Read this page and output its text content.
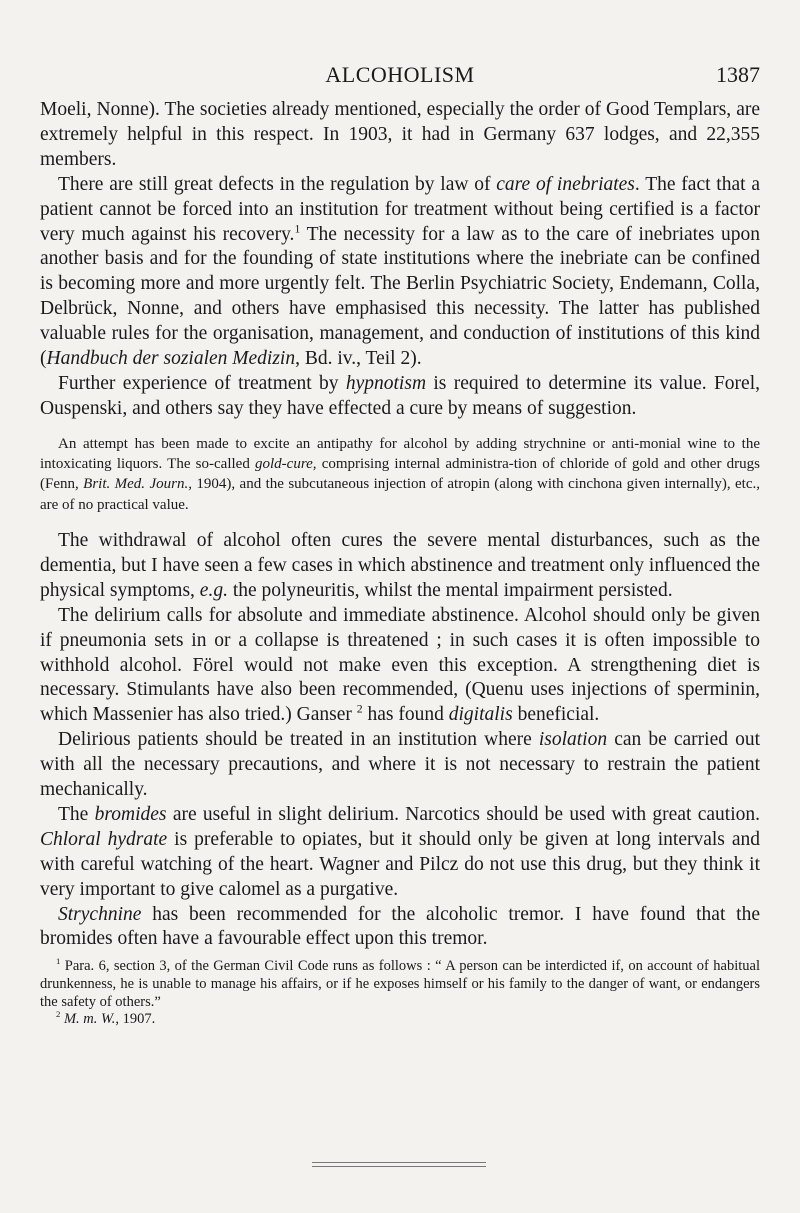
ALCOHOLISM	1387

Moeli, Nonne). The societies already mentioned, especially the order of Good Templars, are extremely helpful in this respect. In 1903, it had in Germany 637 lodges, and 22,355 members.

There are still great defects in the regulation by law of care of inebriates. The fact that a patient cannot be forced into an institution for treatment without being certified is a factor very much against his recovery.$^1$ The necessity for a law as to the care of inebriates upon another basis and for the founding of state institutions where the inebriate can be confined is becoming more and more urgently felt. The Berlin Psychiatric Society, Endemann, Colla, Delbrück, Nonne, and others have emphasised this necessity. The latter has published valuable rules for the organisation, management, and conduction of institutions of this kind (Handbuch der sozialen Medizin, Bd. iv., Teil 2).

Further experience of treatment by hypnotism is required to determine its value. Forel, Ouspenski, and others say they have effected a cure by means of suggestion.

An attempt has been made to excite an antipathy for alcohol by adding strychnine or anti-monial wine to the intoxicating liquors. The so-called gold-cure, comprising internal administra-tion of chloride of gold and other drugs (Fenn, Brit. Med. Journ., 1904), and the subcutaneous injection of atropin (along with cinchona given internally), etc., are of no practical value.

The withdrawal of alcohol often cures the severe mental disturbances, such as the dementia, but I have seen a few cases in which abstinence and treatment only influenced the physical symptoms, e.g. the polyneuritis, whilst the mental impairment persisted.

The delirium calls for absolute and immediate abstinence. Alcohol should only be given if pneumonia sets in or a collapse is threatened ; in such cases it is often impossible to withhold alcohol. Förel would not make even this exception. A strengthening diet is necessary. Stimulants have also been recommended, (Quenu uses injections of sperminin, which Massenier has also tried.) Ganser $^2$ has found digitalis beneficial.

Delirious patients should be treated in an institution where isolation can be carried out with all the necessary precautions, and where it is not necessary to restrain the patient mechanically.

The bromides are useful in slight delirium. Narcotics should be used with great caution. Chloral hydrate is preferable to opiates, but it should only be given at long intervals and with careful watching of the heart. Wagner and Pilcz do not use this drug, but they think it very important to give calomel as a purgative.

Strychnine has been recommended for the alcoholic tremor. I have found that the bromides often have a favourable effect upon this tremor.

$^1$ Para. 6, section 3, of the German Civil Code runs as follows : “ A person can be interdicted if, on account of habitual drunkenness, he is unable to manage his affairs, or if he exposes himself or his family to the danger of want, or endangers the safety of others.”

$^2$ M. m. W., 1907.
